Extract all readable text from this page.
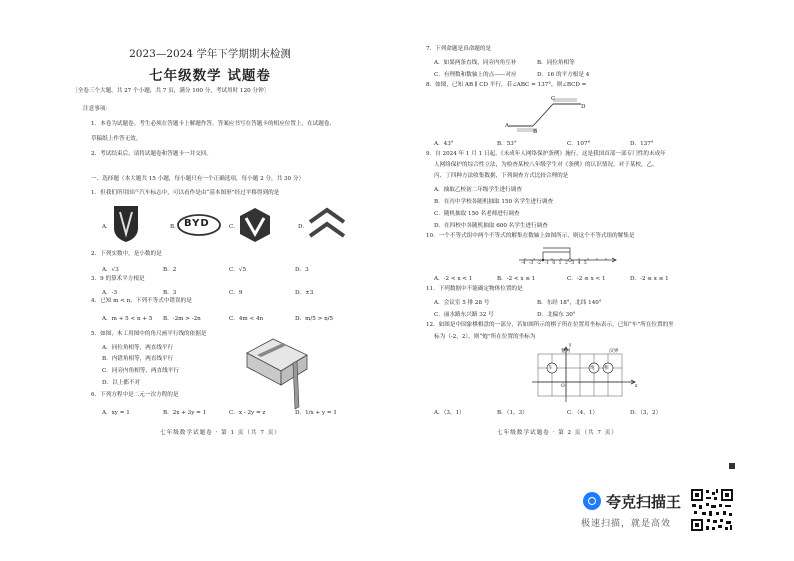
2023—2024 学年下学期期末检测
七年级数学 试题卷
〔全卷三个大题，共 27 个小题，共 7 页，满分 100 分，考试用时 120 分钟〕
注意事项：
1．本卷为试题卷。考生必须在答题卡上解题作答。答案应书写在答题卡的相应位置上，在试题卷、
草稿纸上作答无效。
2．考试结束后，请将试题卷和答题卡一并交回。
一、选择题（本大题共 15 小题，每小题只有一个正确选项，每小题 2 分，共 30 分）
1．但我们所用国产汽车标志中，可以看作是由“基本图形”经过平移得到的是
A．	B． BYD	C．	D．
2．下列实数中，是小数的是
A．√3	B．2	C．√5	D．3
3．9 的算术平方根是
A．-3	B．3	C．9	D．±3
4．已知 m < n，下列不等式中错误的是
A．m + 5 < n + 5 B．-2m > -2n	C．4m < 4n	D．m/5 > n/5
5．如图，木工用图中的角尺画平行线的依据是
A．同位角相等，两直线平行
B．内错角相等，两直线平行
C．同旁内角相等，两直线平行
D．以上都不对
6．下列方程中是二元一次方程的是
A．xy = 1	B．2x + 3y = 1	C．x - 2y = z	D．1/x + y = 1
七年级数学试题卷 · 第 1 页（共 7 页）
7．下列命题是真命题的是
A．如果两条直线，同旁内角互补	B．同位角相等
C．有理数和数轴上的点——对应	D．16 的平方根是 4
8．如图，已知 AB ∥ CD 平行，若∠ABC = 137°，则∠BCD =
A
B
C
D
A．43°	B．53°	C．107°	D．137°
9．自 2024 年 1 月 1 日起，《未成年人网络保护条例》施行，这是我国首部一部专门性的未成年
人网络保护的综合性立法，为检查某校八年级学生对《条例》的认识情况，对于某校，乙、
丙、丁四种方法收集数据，下列调查方式比较合理的是
A．抽取乙校初二年级学生进行调查
B．在丙中学校各随机抽取 150 名学生进行调查
C．随机抽取 150 名老师进行调查
D．在四校中各随机抽取 600 名学生进行调查
10．一个不等式组中两个不等式的解集在数轴上如图所示，则这个不等式组的解集是
-4 -3 -2 -1 0 1 2 3 4 5
A．-2 < x < 1	B．-2 < x ≤ 1	C．-2 ≤ x < 1	D．-2 ≤ x ≤ 1
11．下列数据中不能确定物体位置的是
A．会议室 5 排 28 号	B．东经 18°，北纬 140°
C．丽水路东兴路 32 号	D．北偏东 30°
12．如图是中国象棋棋盘的一部分，若如图所示的棋子所在位置用坐标表示，已知“车”所在位置的坐
标为（-2，2），则“炮”所在位置的坐标为
楚河	汉界
车	炮 相
y
x
O
A．（3，1）	B．（1，3）	C．（4，1）	D．（3，2）
七年级数学试题卷 · 第 2 页（共 7 页）
夸克扫描王
极速扫描，就是高效
